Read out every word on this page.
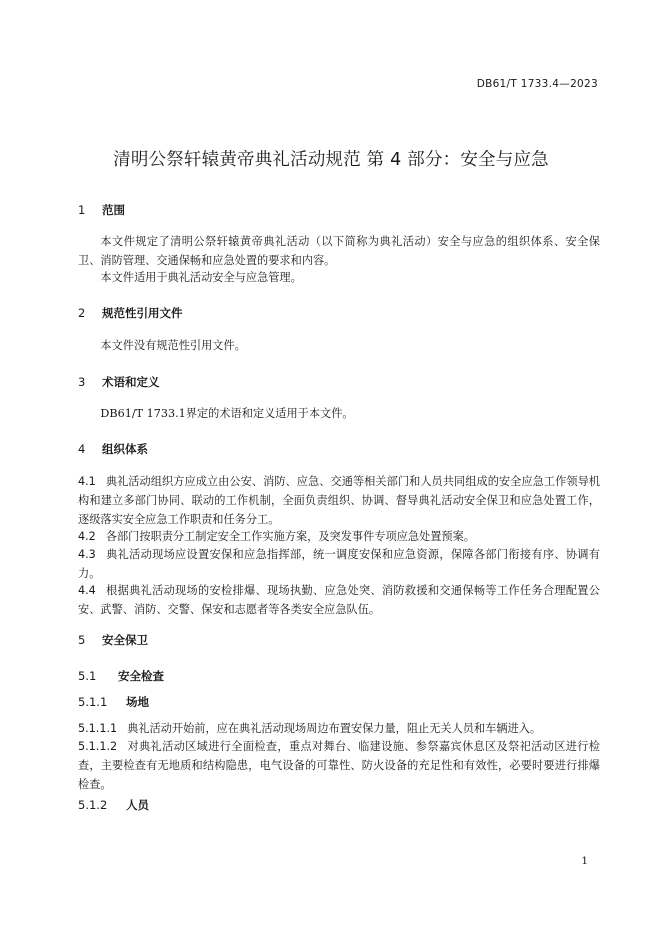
DB61/T 1733.4—2023
清明公祭轩辕黄帝典礼活动规范 第 4 部分：安全与应急
1 范围
本文件规定了清明公祭轩辕黄帝典礼活动（以下简称为典礼活动）安全与应急的组织体系、安全保卫、消防管理、交通保畅和应急处置的要求和内容。
本文件适用于典礼活动安全与应急管理。
2 规范性引用文件
本文件没有规范性引用文件。
3 术语和定义
DB61/T 1733.1界定的术语和定义适用于本文件。
4 组织体系
4.1 典礼活动组织方应成立由公安、消防、应急、交通等相关部门和人员共同组成的安全应急工作领导机构和建立多部门协同、联动的工作机制，全面负责组织、协调、督导典礼活动安全保卫和应急处置工作，逐级落实安全应急工作职责和任务分工。
4.2 各部门按职责分工制定安全工作实施方案，及突发事件专项应急处置预案。
4.3 典礼活动现场应设置安保和应急指挥部，统一调度安保和应急资源，保障各部门衔接有序、协调有力。
4.4 根据典礼活动现场的安检排爆、现场执勤、应急处突、消防救援和交通保畅等工作任务合理配置公安、武警、消防、交警、保安和志愿者等各类安全应急队伍。
5 安全保卫
5.1 安全检查
5.1.1 场地
5.1.1.1 典礼活动开始前，应在典礼活动现场周边布置安保力量，阻止无关人员和车辆进入。
5.1.1.2 对典礼活动区域进行全面检查，重点对舞台、临建设施、参祭嘉宾休息区及祭祀活动区进行检查，主要检查有无地质和结构隐患，电气设备的可靠性、防火设备的充足性和有效性，必要时要进行排爆检查。
5.1.2 人员
1
